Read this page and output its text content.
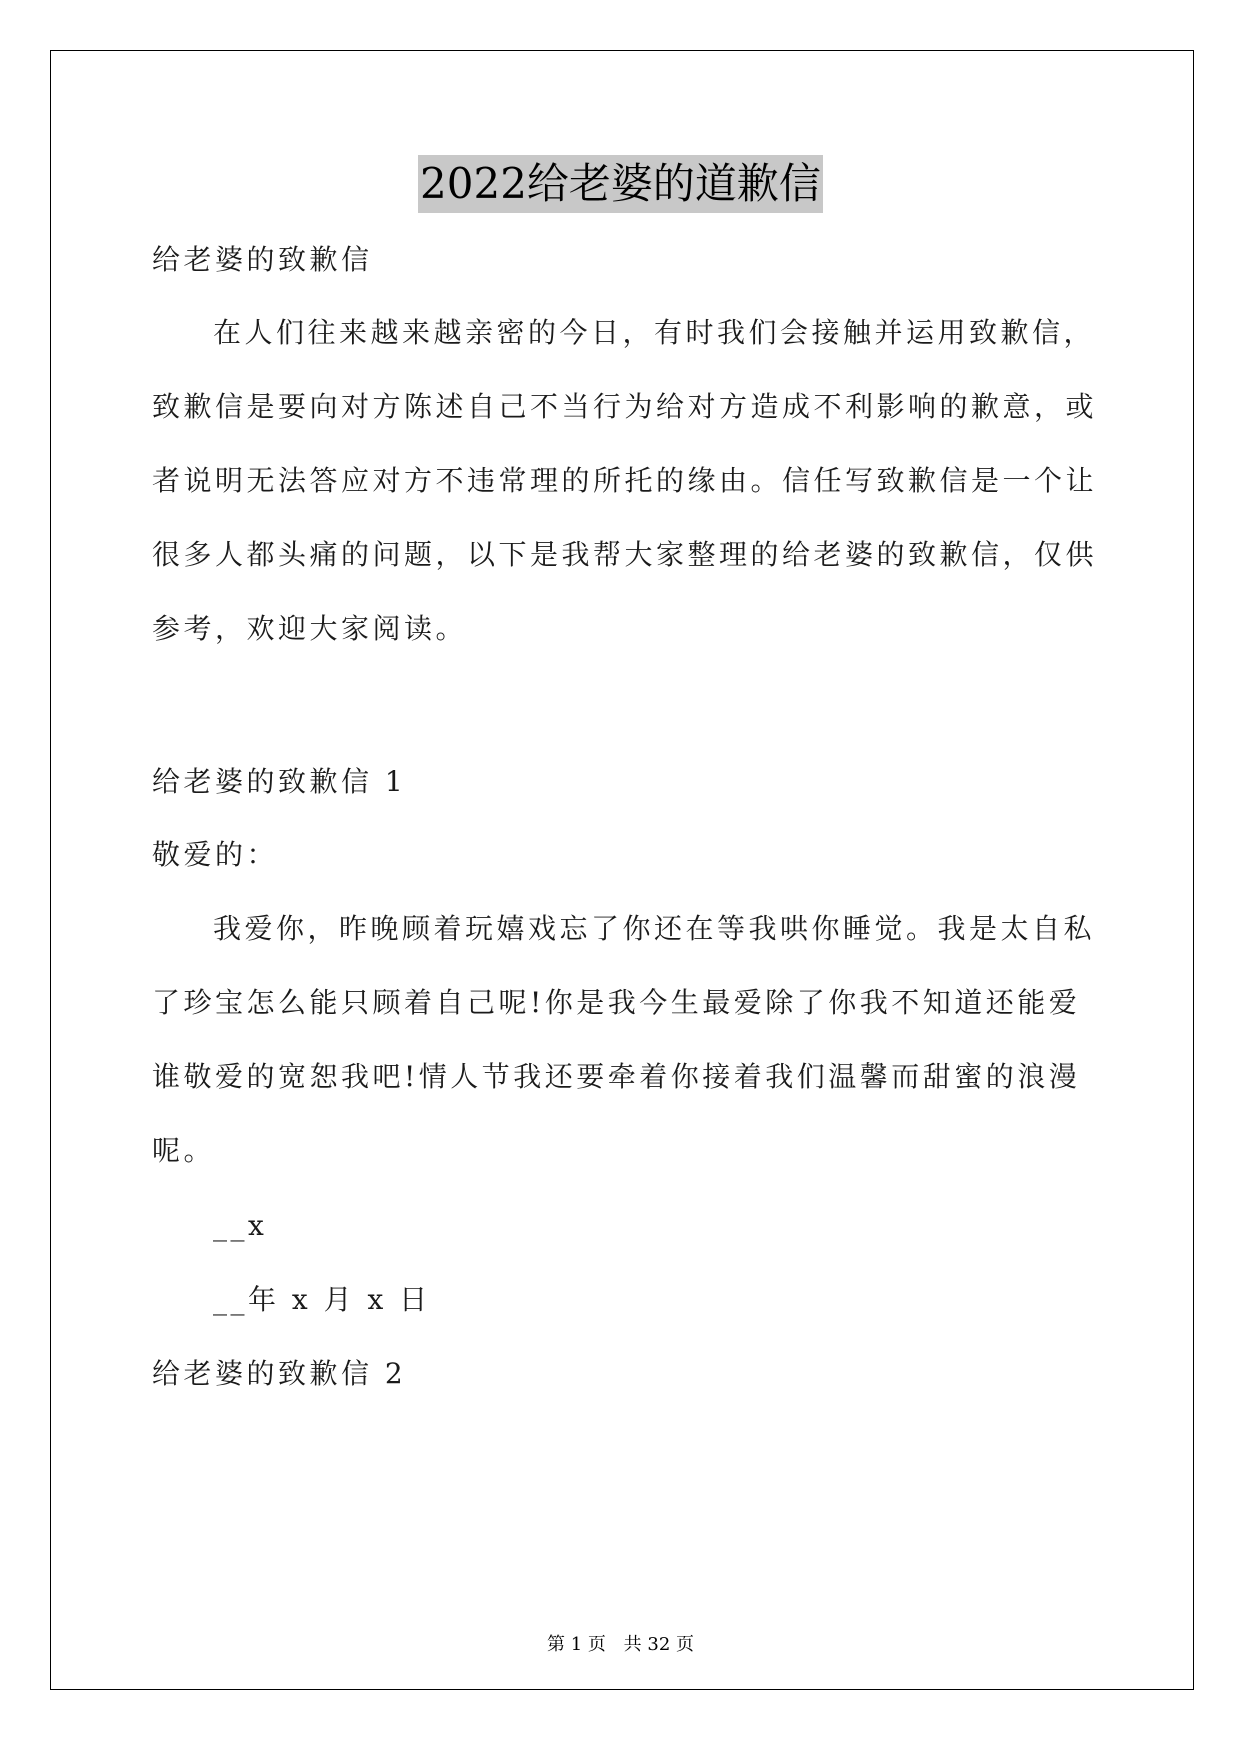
2022给老婆的道歉信
给老婆的致歉信
在人们往来越来越亲密的今日，有时我们会接触并运用致歉信，
致歉信是要向对方陈述自己不当行为给对方造成不利影响的歉意，或
者说明无法答应对方不违常理的所托的缘由。信任写致歉信是一个让
很多人都头痛的问题，以下是我帮大家整理的给老婆的致歉信，仅供
参考，欢迎大家阅读。
给老婆的致歉信 1
敬爱的：
我爱你，昨晚顾着玩嬉戏忘了你还在等我哄你睡觉。我是太自私
了珍宝怎么能只顾着自己呢!你是我今生最爱除了你我不知道还能爱
谁敬爱的宽恕我吧!情人节我还要牵着你接着我们温馨而甜蜜的浪漫
呢。
__x
__年 x 月 x 日
给老婆的致歉信 2
第 1 页 共 32 页
